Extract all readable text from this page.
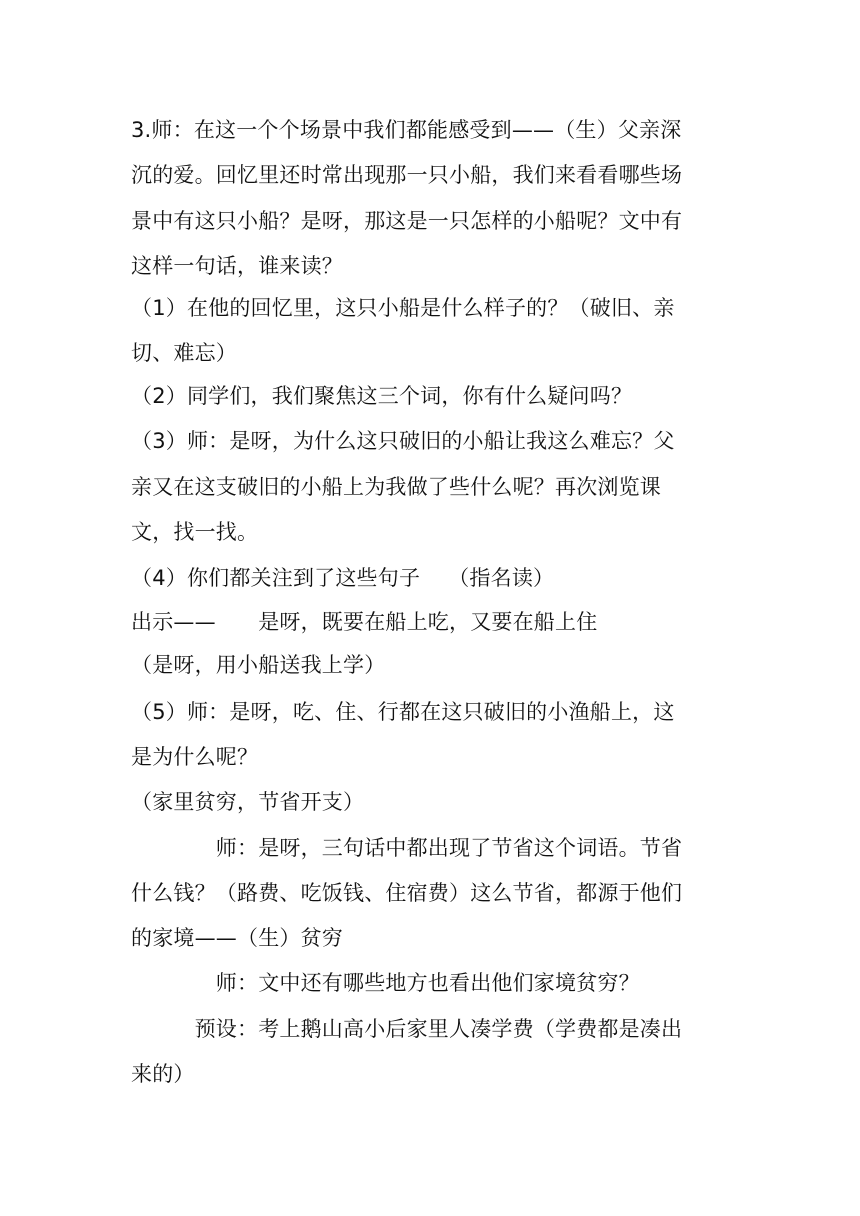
3.师：在这一个个场景中我们都能感受到——（生）父亲深
沉的爱。回忆里还时常出现那一只小船，我们来看看哪些场
景中有这只小船？是呀，那这是一只怎样的小船呢？文中有
这样一句话，谁来读？
（1）在他的回忆里，这只小船是什么样子的？（破旧、亲
切、难忘）
（2）同学们，我们聚焦这三个词，你有什么疑问吗？
（3）师：是呀，为什么这只破旧的小船让我这么难忘？父
亲又在这支破旧的小船上为我做了些什么呢？再次浏览课
文，找一找。
（4）你们都关注到了这些句子　 （指名读）
出示——　　是呀，既要在船上吃，又要在船上住
（是呀，用小船送我上学）
（5）师：是呀，吃、住、行都在这只破旧的小渔船上，这
是为什么呢？
（家里贫穷，节省开支）
　　　　师：是呀，三句话中都出现了节省这个词语。节省
什么钱？（路费、吃饭钱、住宿费）这么节省，都源于他们
的家境——（生）贫穷
　　　　师：文中还有哪些地方也看出他们家境贫穷？
　　　预设：考上鹅山高小后家里人凑学费（学费都是凑出
来的）
